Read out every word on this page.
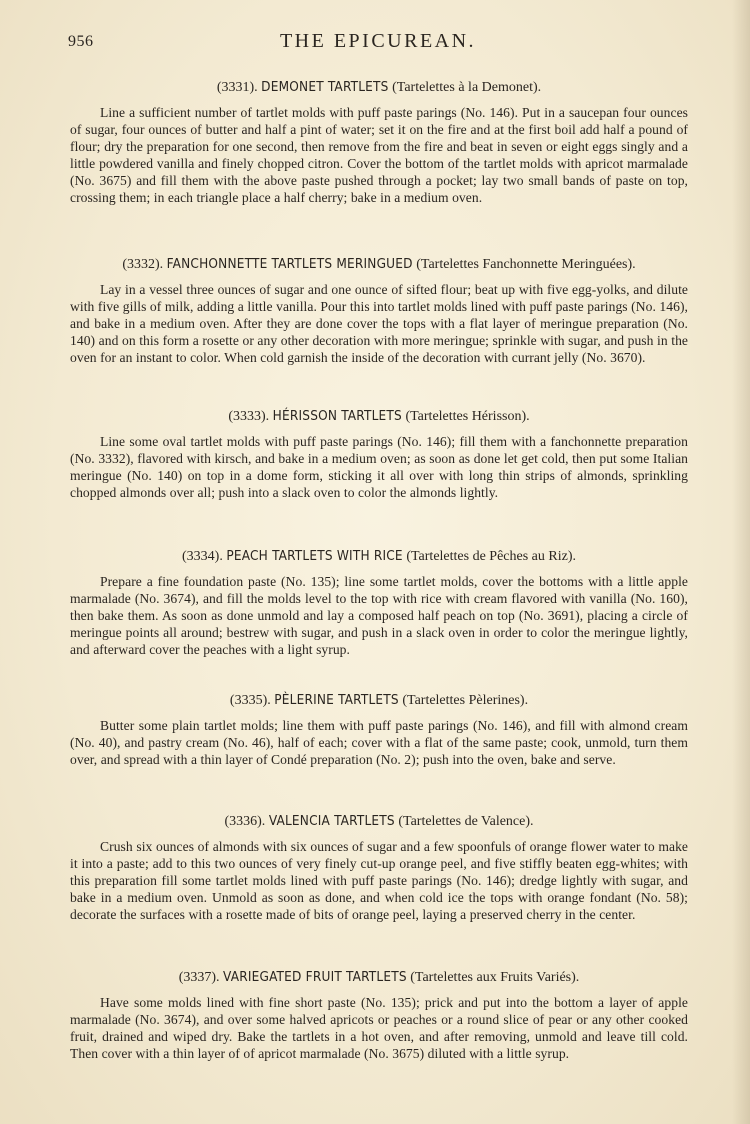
956	THE EPICUREAN.
(3331). DEMONET TARTLETS (Tartelettes à la Demonet).

Line a sufficient number of tartlet molds with puff paste parings (No. 146). Put in a saucepan four ounces of sugar, four ounces of butter and half a pint of water; set it on the fire and at the first boil add half a pound of flour; dry the preparation for one second, then remove from the fire and beat in seven or eight eggs singly and a little powdered vanilla and finely chopped citron. Cover the bottom of the tartlet molds with apricot marmalade (No. 3675) and fill them with the above paste pushed through a pocket; lay two small bands of paste on top, crossing them; in each triangle place a half cherry; bake in a medium oven.

(3332). FANCHONNETTE TARTLETS MERINGUED (Tartelettes Fanchonnette Meringuées).

Lay in a vessel three ounces of sugar and one ounce of sifted flour; beat up with five egg-yolks, and dilute with five gills of milk, adding a little vanilla. Pour this into tartlet molds lined with puff paste parings (No. 146), and bake in a medium oven. After they are done cover the tops with a flat layer of meringue preparation (No. 140) and on this form a rosette or any other decoration with more meringue; sprinkle with sugar, and push in the oven for an instant to color. When cold garnish the inside of the decoration with currant jelly (No. 3670).

(3333). HÉRISSON TARTLETS (Tartelettes Hérisson).

Line some oval tartlet molds with puff paste parings (No. 146); fill them with a fanchonnette preparation (No. 3332), flavored with kirsch, and bake in a medium oven; as soon as done let get cold, then put some Italian meringue (No. 140) on top in a dome form, sticking it all over with long thin strips of almonds, sprinkling chopped almonds over all; push into a slack oven to color the almonds lightly.

(3334). PEACH TARTLETS WITH RICE (Tartelettes de Pêches au Riz).

Prepare a fine foundation paste (No. 135); line some tartlet molds, cover the bottoms with a little apple marmalade (No. 3674), and fill the molds level to the top with rice with cream flavored with vanilla (No. 160), then bake them. As soon as done unmold and lay a composed half peach on top (No. 3691), placing a circle of meringue points all around; bestrew with sugar, and push in a slack oven in order to color the meringue lightly, and afterward cover the peaches with a light syrup.

(3335). PÈLERINE TARTLETS (Tartelettes Pèlerines).

Butter some plain tartlet molds; line them with puff paste parings (No. 146), and fill with almond cream (No. 40), and pastry cream (No. 46), half of each; cover with a flat of the same paste; cook, unmold, turn them over, and spread with a thin layer of Condé preparation (No. 2); push into the oven, bake and serve.

(3336). VALENCIA TARTLETS (Tartelettes de Valence).

Crush six ounces of almonds with six ounces of sugar and a few spoonfuls of orange flower water to make it into a paste; add to this two ounces of very finely cut-up orange peel, and five stiffly beaten egg-whites; with this preparation fill some tartlet molds lined with puff paste parings (No. 146); dredge lightly with sugar, and bake in a medium oven. Unmold as soon as done, and when cold ice the tops with orange fondant (No. 58); decorate the surfaces with a rosette made of bits of orange peel, laying a preserved cherry in the center.

(3337). VARIEGATED FRUIT TARTLETS (Tartelettes aux Fruits Variés).

Have some molds lined with fine short paste (No. 135); prick and put into the bottom a layer of apple marmalade (No. 3674), and over some halved apricots or peaches or a round slice of pear or any other cooked fruit, drained and wiped dry. Bake the tartlets in a hot oven, and after removing, unmold and leave till cold. Then cover with a thin layer of of apricot marmalade (No. 3675) diluted with a little syrup.
